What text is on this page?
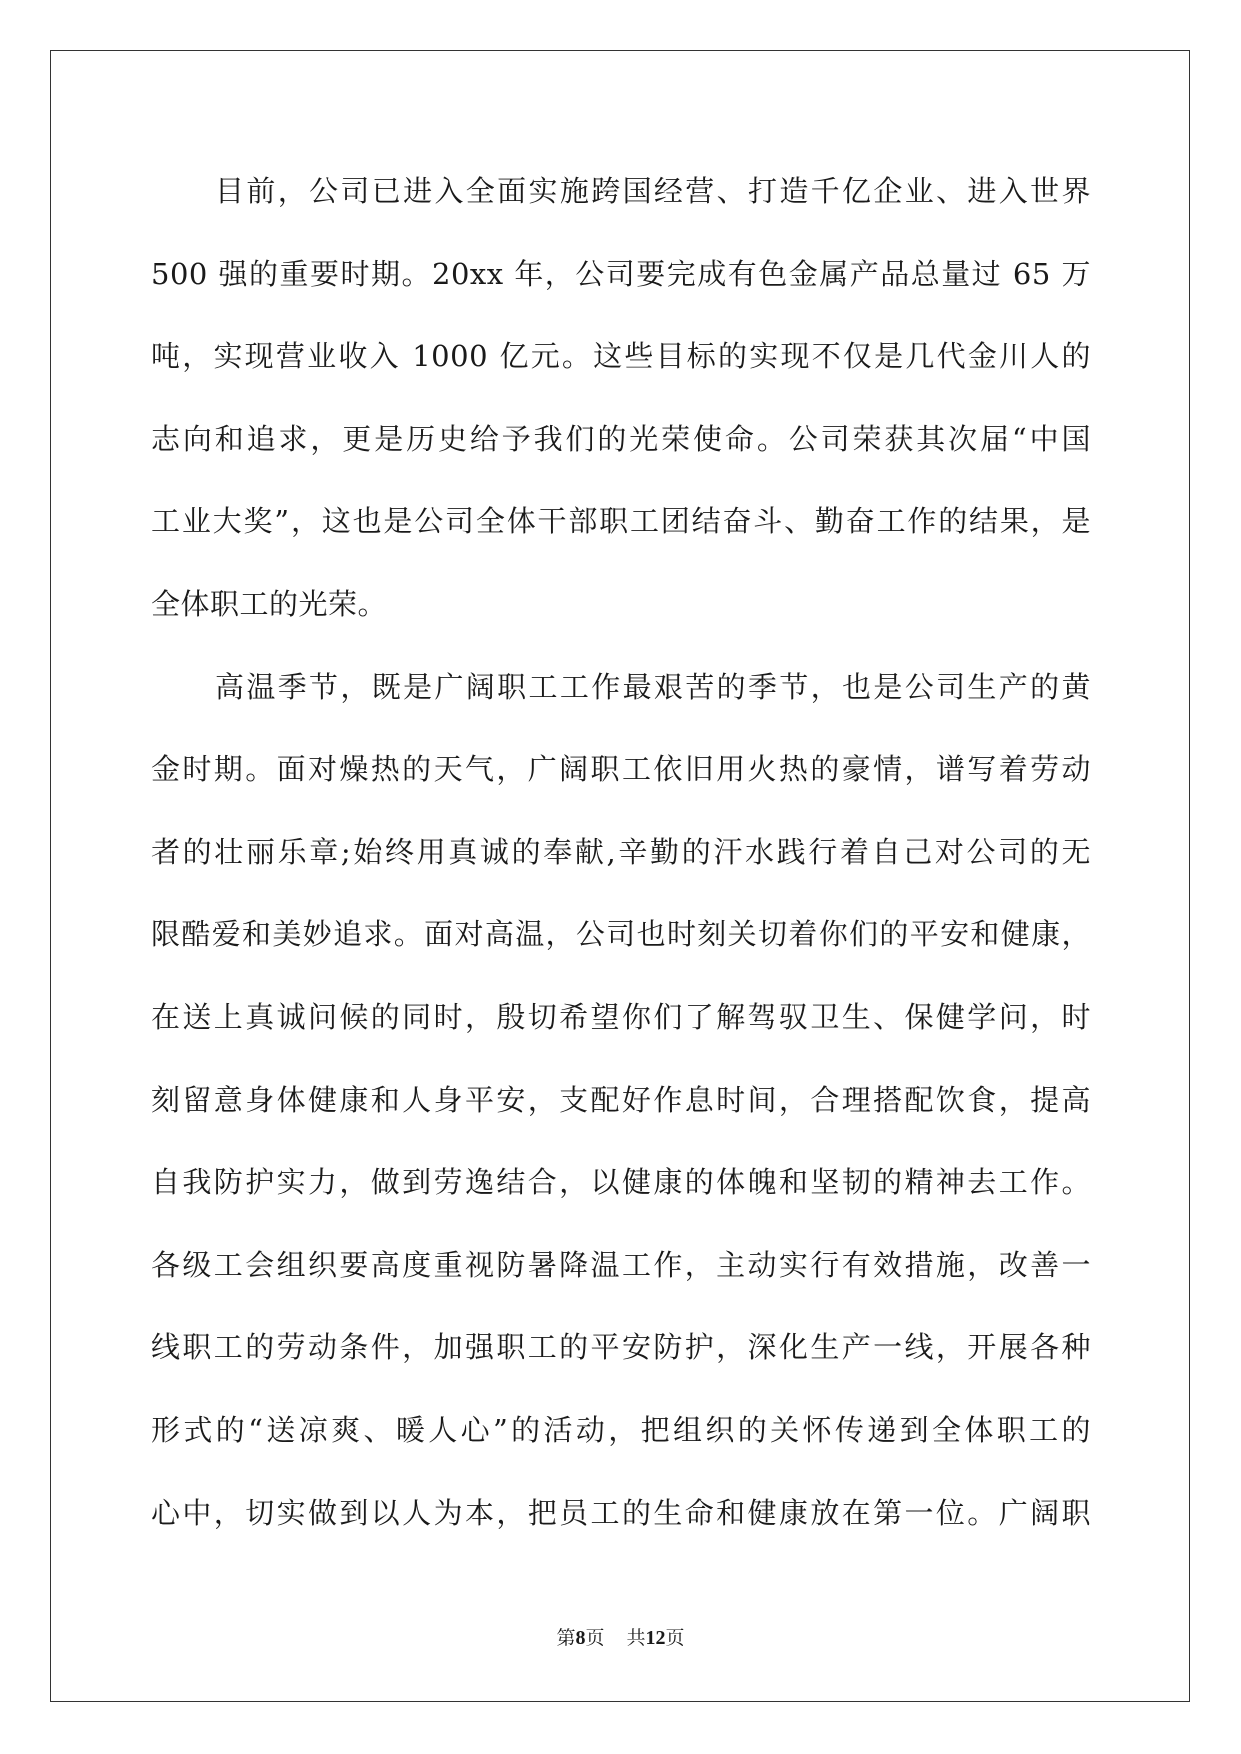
目前，公司已进入全面实施跨国经营、打造千亿企业、进入世界
500 强的重要时期。20xx 年，公司要完成有色金属产品总量过 65 万
吨，实现营业收入 1000 亿元。这些目标的实现不仅是几代金川人的
志向和追求，更是历史给予我们的光荣使命。公司荣获其次届“中国
工业大奖”，这也是公司全体干部职工团结奋斗、勤奋工作的结果，是
全体职工的光荣。
高温季节，既是广阔职工工作最艰苦的季节，也是公司生产的黄
金时期。面对燥热的天气，广阔职工依旧用火热的豪情，谱写着劳动
者的壮丽乐章;始终用真诚的奉献,辛勤的汗水践行着自己对公司的无
限酷爱和美妙追求。面对高温，公司也时刻关切着你们的平安和健康，
在送上真诚问候的同时，殷切希望你们了解驾驭卫生、保健学问，时
刻留意身体健康和人身平安，支配好作息时间，合理搭配饮食，提高
自我防护实力，做到劳逸结合，以健康的体魄和坚韧的精神去工作。
各级工会组织要高度重视防暑降温工作，主动实行有效措施，改善一
线职工的劳动条件，加强职工的平安防护，深化生产一线，开展各种
形式的“送凉爽、暖人心”的活动，把组织的关怀传递到全体职工的
心中，切实做到以人为本，把员工的生命和健康放在第一位。广阔职
第8页 共12页
